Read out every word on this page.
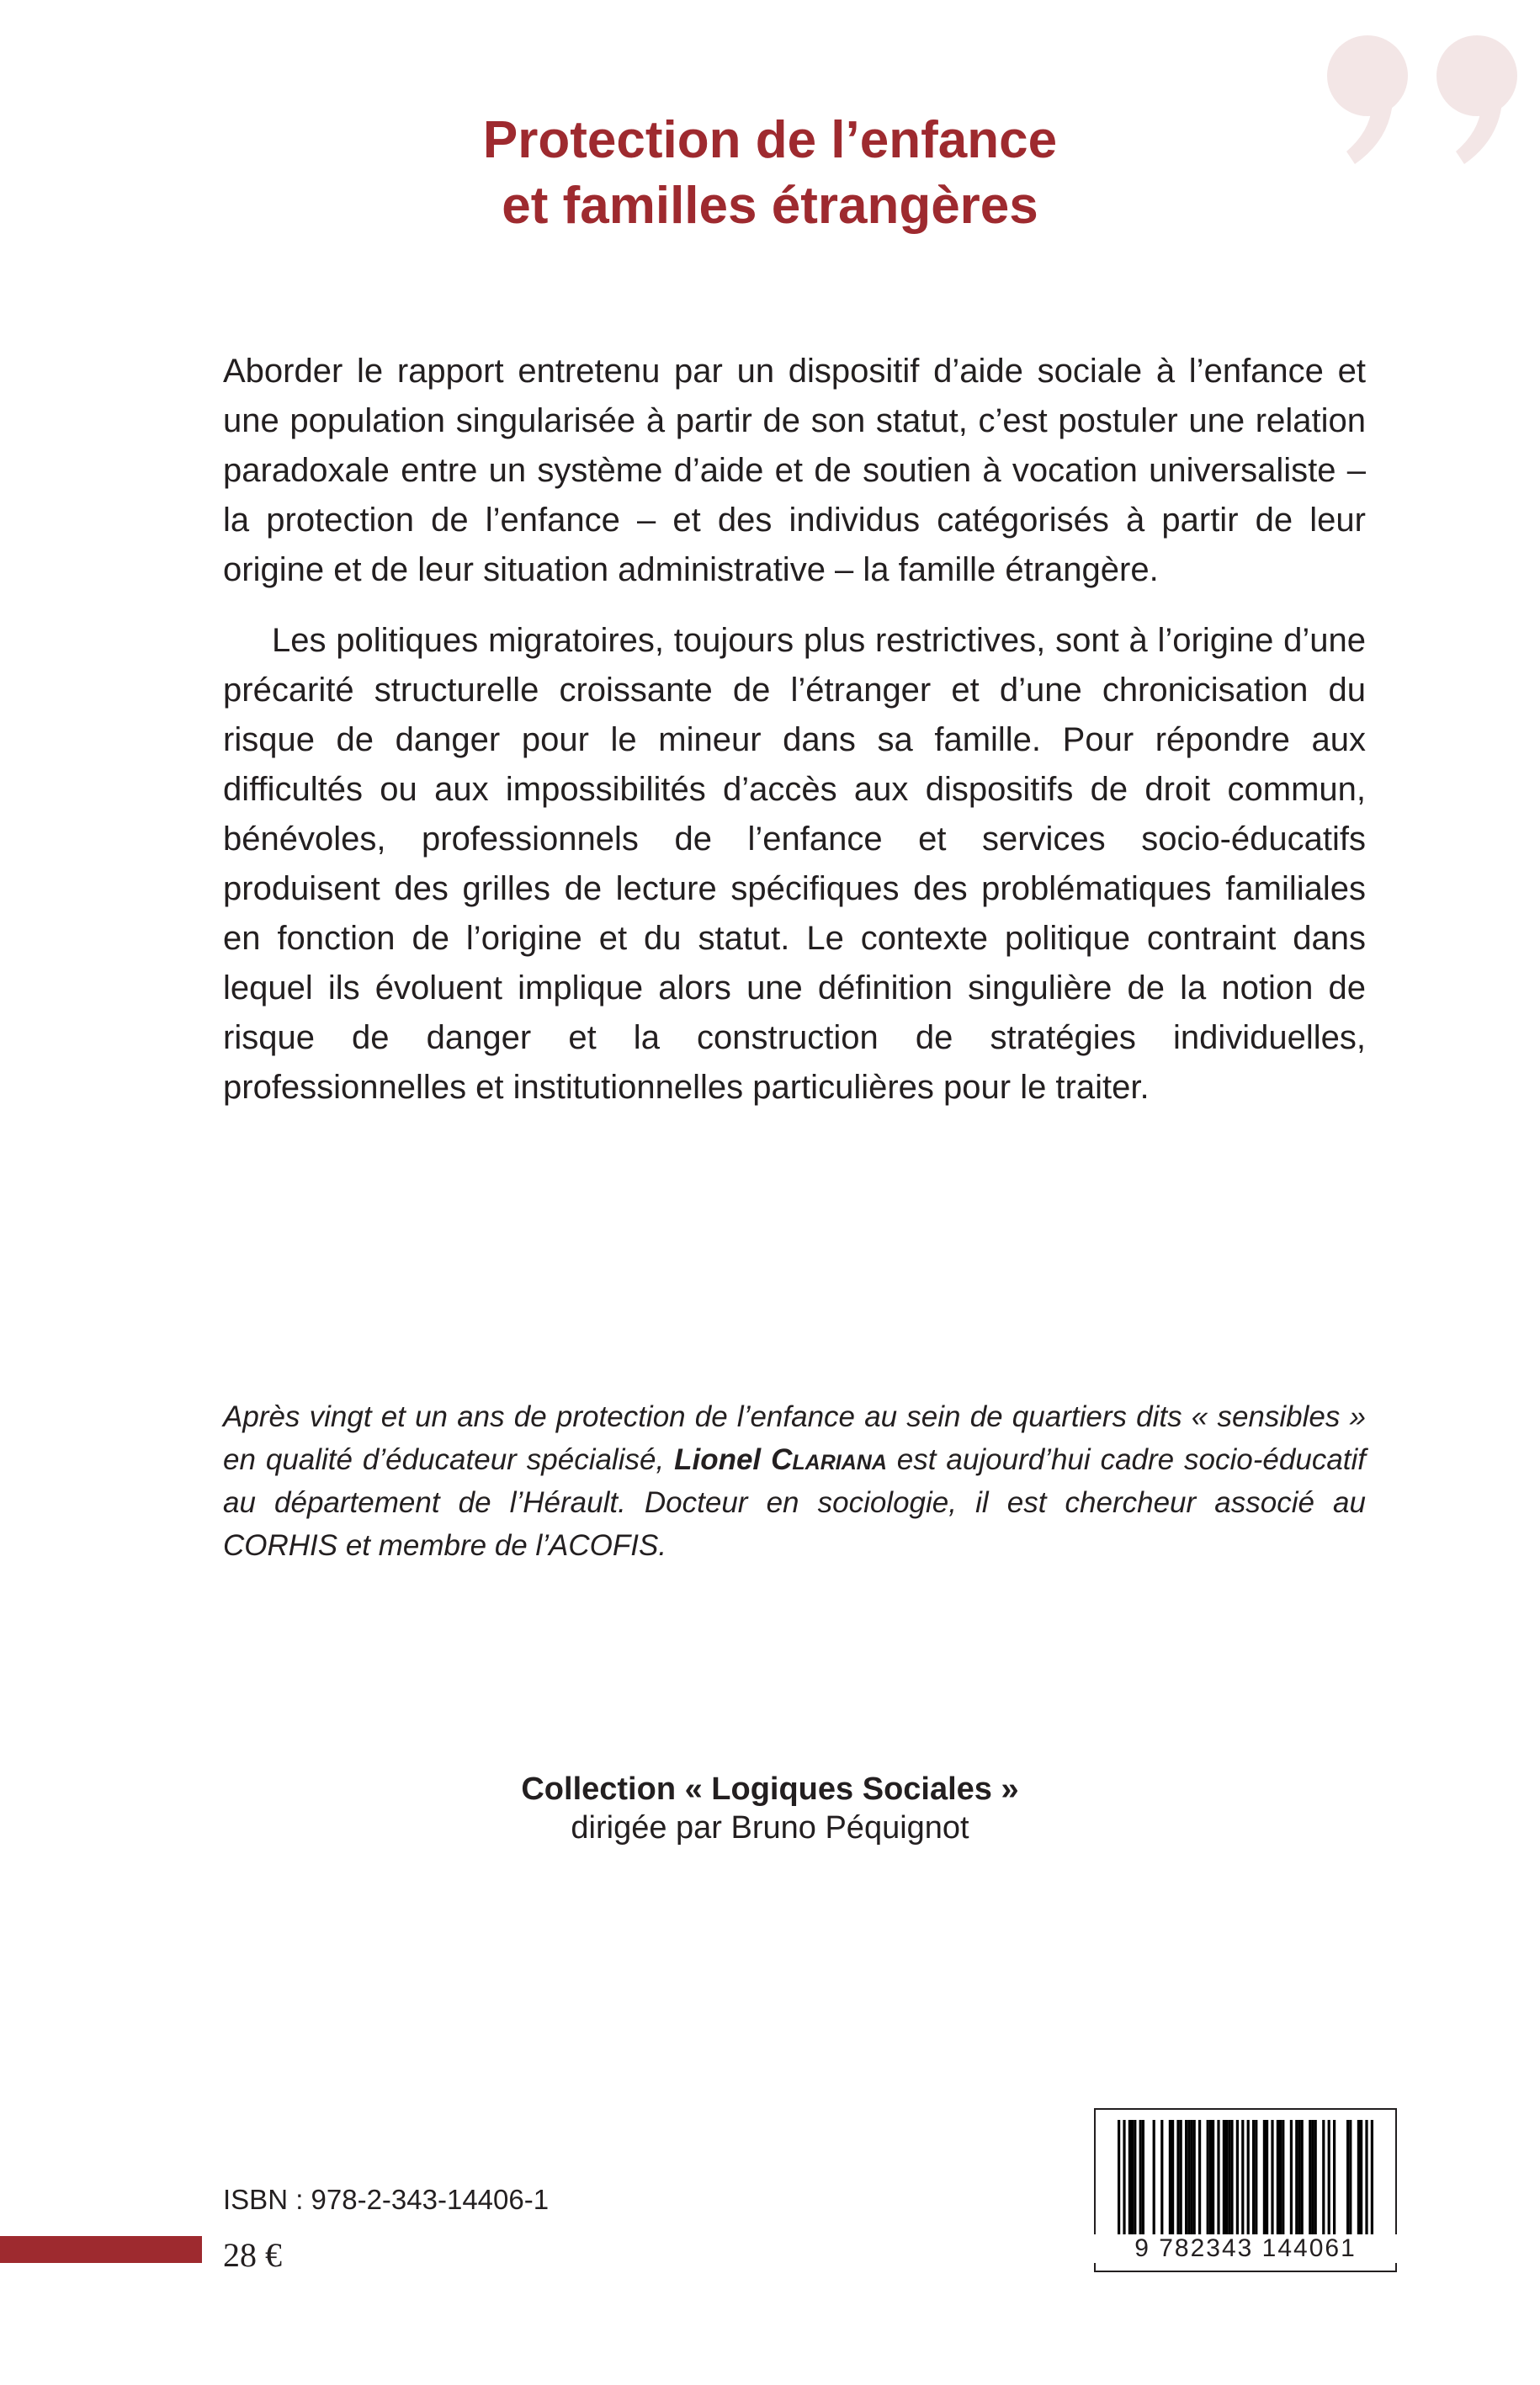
Protection de l’enfance
et familles étrangères

Aborder le rapport entretenu par un dispositif d’aide sociale à l’enfance et une population singularisée à partir de son statut, c’est postuler une relation paradoxale entre un système d’aide et de soutien à vocation universaliste – la protection de l’enfance – et des individus catégorisés à partir de leur origine et de leur situation administrative – la famille étrangère.

Les politiques migratoires, toujours plus restrictives, sont à l’origine d’une précarité structurelle croissante de l’étranger et d’une chronicisation du risque de danger pour le mineur dans sa famille. Pour répondre aux difficultés ou aux impossibilités d’accès aux dispositifs de droit commun, bénévoles, professionnels de l’enfance et services socio-éducatifs produisent des grilles de lecture spécifiques des problématiques familiales en fonction de l’origine et du statut. Le contexte politique contraint dans lequel ils évoluent implique alors une définition singulière de la notion de risque de danger et la construction de stratégies individuelles, professionnelles et institutionnelles particulières pour le traiter.

Après vingt et un ans de protection de l’enfance au sein de quartiers dits « sensibles » en qualité d’éducateur spécialisé, Lionel Clariana est aujourd’hui cadre socio-éducatif au département de l’Hérault. Docteur en sociologie, il est chercheur associé au CORHIS et membre de l’ACOFIS.
Collection « Logiques Sociales »
dirigée par Bruno Péquignot
ISBN : 978-2-343-14406-1
28 €	9 782343 144061
